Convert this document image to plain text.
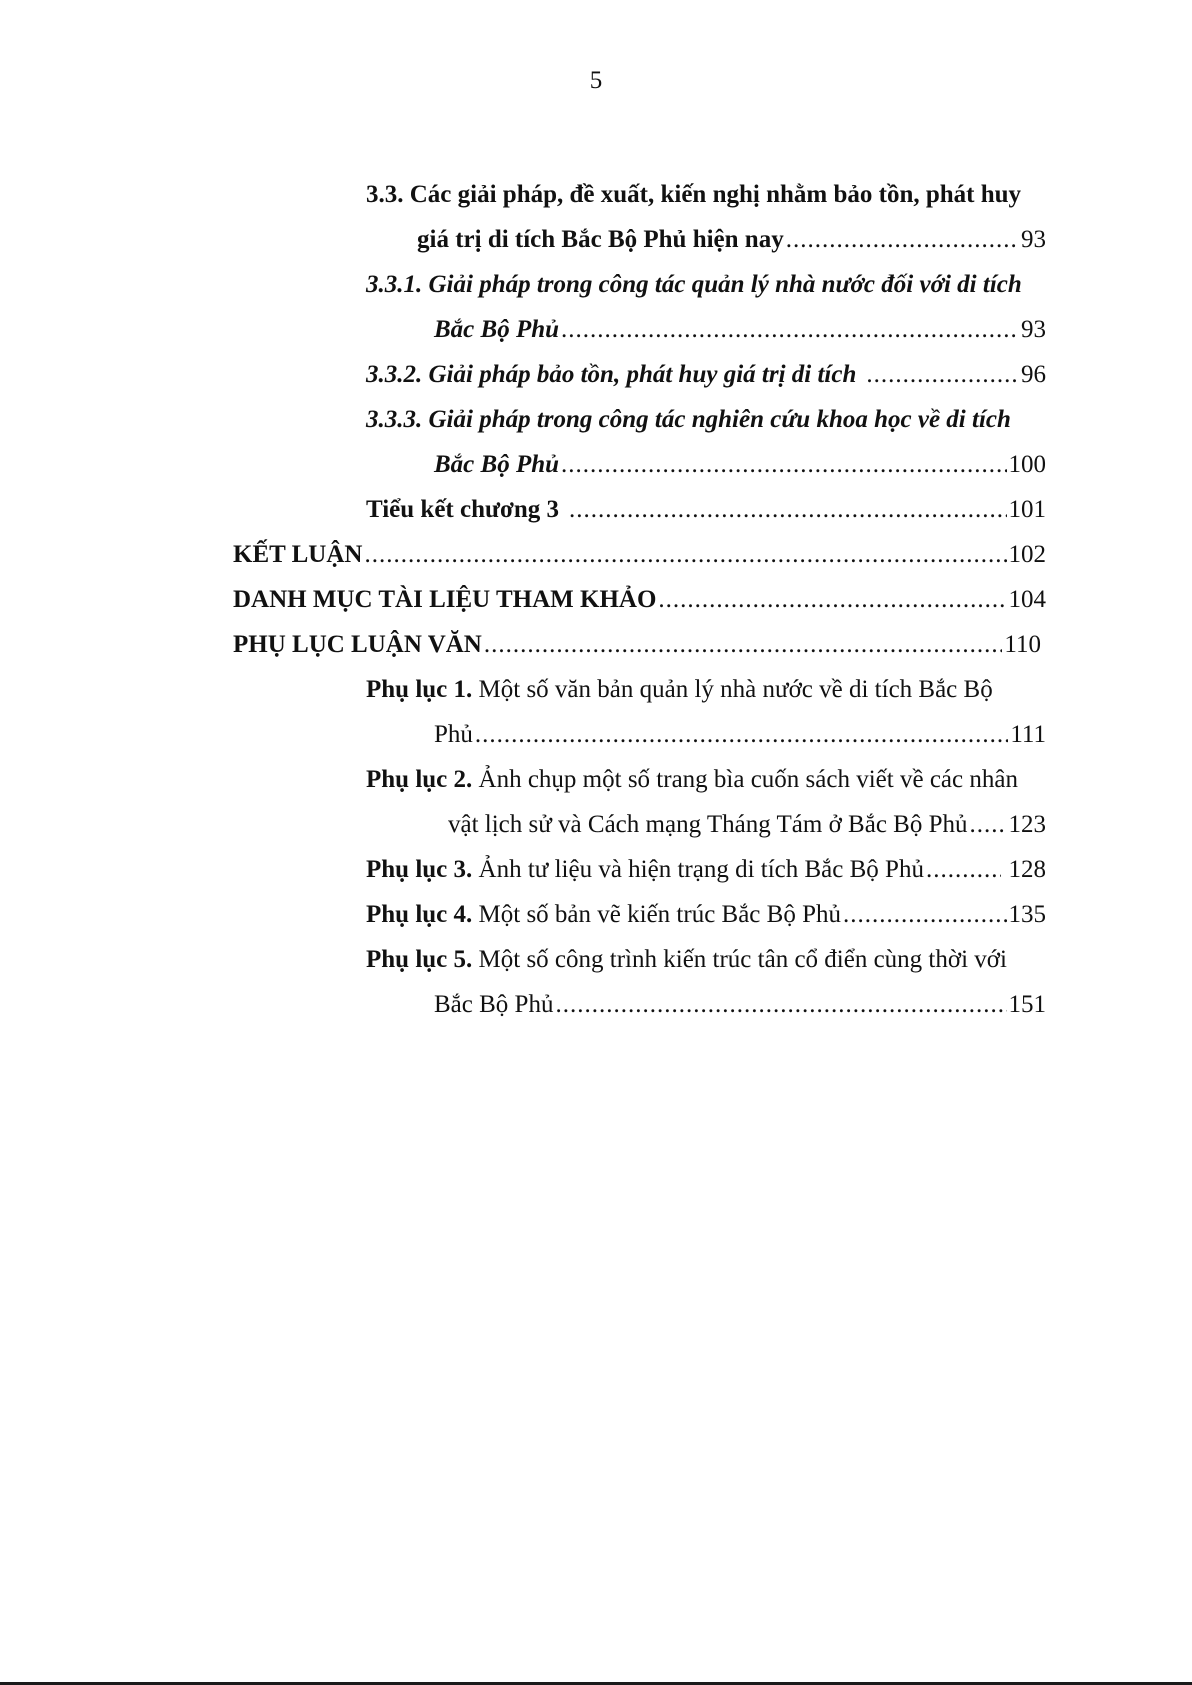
5
3.3. Các giải pháp, đề xuất, kiến nghị nhằm bảo tồn, phát huy
giá trị di tích Bắc Bộ Phủ hiện nay .....	93
3.3.1. Giải pháp trong công tác quản lý nhà nước đối với di tích
Bắc Bộ Phủ .....	93
3.3.2. Giải pháp bảo tồn, phát huy giá trị di tích .....	96
3.3.3. Giải pháp trong công tác nghiên cứu khoa học về di tích
Bắc Bộ Phủ .....	100
Tiểu kết chương 3 .....	101
KẾT LUẬN .....	102
DANH MỤC TÀI LIỆU THAM KHẢO .....	104
PHỤ LỤC LUẬN VĂN .....	110
Phụ lục 1. Một số văn bản quản lý nhà nước về di tích Bắc Bộ
Phủ .....	111
Phụ lục 2. Ảnh chụp một số trang bìa cuốn sách viết về các nhân
vật lịch sử và Cách mạng Tháng Tám ở Bắc Bộ Phủ ..... 123
Phụ lục 3. Ảnh tư liệu và hiện trạng di tích Bắc Bộ Phủ .....	128
Phụ lục 4. Một số bản vẽ kiến trúc Bắc Bộ Phủ .....	135
Phụ lục 5. Một số công trình kiến trúc tân cổ điển cùng thời với
Bắc Bộ Phủ .....	151
